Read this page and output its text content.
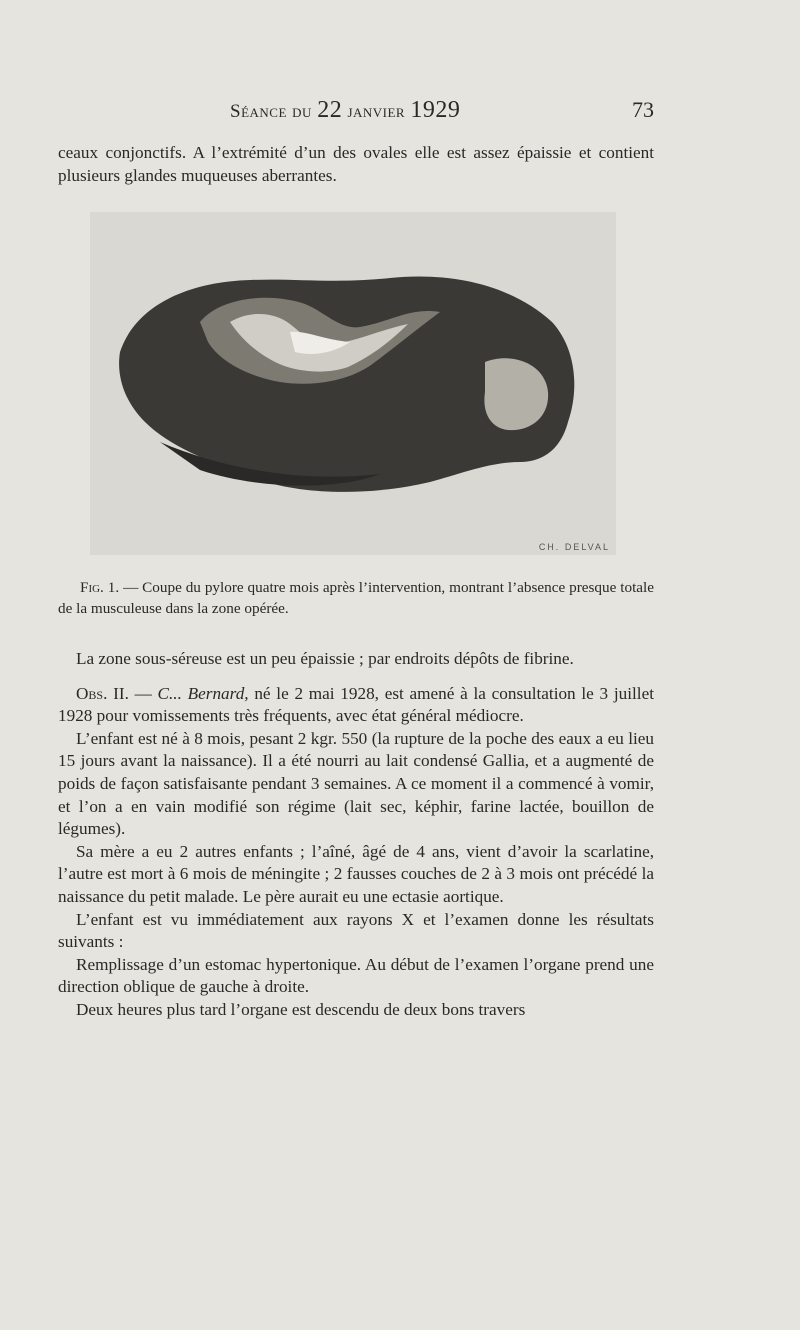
Séance du 22 janvier 1929	73

ceaux conjonctifs. A l’extrémité d’un des ovales elle est assez épaissie et contient plusieurs glandes muqueuses aberrantes.

CH. DELVAL
Fig. 1. — Coupe du pylore quatre mois après l’intervention, montrant l’absence presque totale de la musculeuse dans la zone opérée.

La zone sous-séreuse est un peu épaissie ; par endroits dépôts de fibrine.

Obs. II. — C... Bernard, né le 2 mai 1928, est amené à la consultation le 3 juillet 1928 pour vomissements très fréquents, avec état général médiocre.

L’enfant est né à 8 mois, pesant 2 kgr. 550 (la rupture de la poche des eaux a eu lieu 15 jours avant la naissance). Il a été nourri au lait condensé Gallia, et a augmenté de poids de façon satisfaisante pendant 3 semaines. A ce moment il a commencé à vomir, et l’on a en vain modifié son régime (lait sec, képhir, farine lactée, bouillon de légumes).

Sa mère a eu 2 autres enfants ; l’aîné, âgé de 4 ans, vient d’avoir la scarlatine, l’autre est mort à 6 mois de méningite ; 2 fausses couches de 2 à 3 mois ont précédé la naissance du petit malade. Le père aurait eu une ectasie aortique.

L’enfant est vu immédiatement aux rayons X et l’examen donne les résultats suivants :

Remplissage d’un estomac hypertonique. Au début de l’examen l’organe prend une direction oblique de gauche à droite.

Deux heures plus tard l’organe est descendu de deux bons travers
